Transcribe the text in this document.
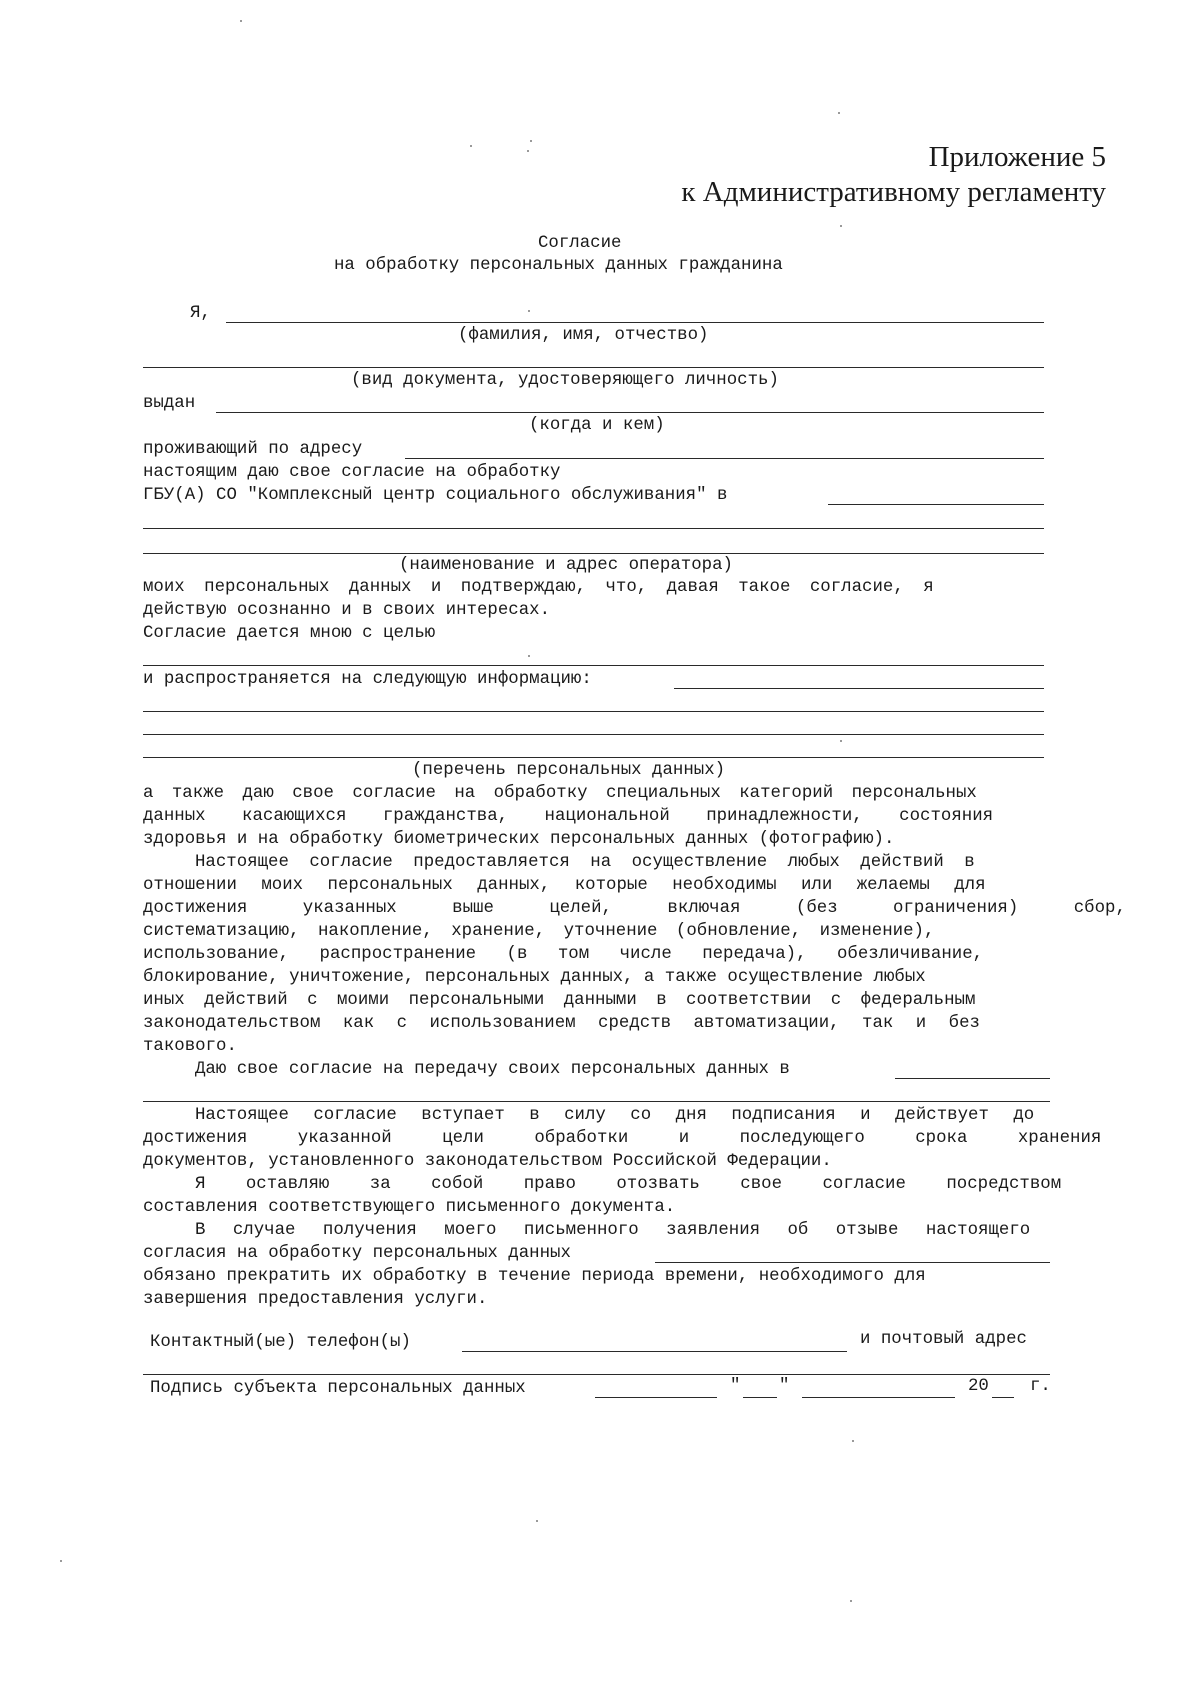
Приложение 5
к Административному регламенту
Согласие
на обработку персональных данных гражданина
Я,
(фамилия, имя, отчество)
(вид документа, удостоверяющего личность)
выдан
(когда и кем)
проживающий по адресу
настоящим даю свое согласие на обработку
ГБУ(А) СО "Комплексный центр социального обслуживания" в
(наименование и адрес оператора)
моих персональных данных и подтверждаю, что, давая такое согласие, я
действую осознанно и в своих интересах.
Согласие дается мною с целью
и распространяется на следующую информацию:
(перечень персональных данных)
а также даю свое согласие на обработку специальных категорий персональных
данных касающихся гражданства, национальной принадлежности, состояния
здоровья и на обработку биометрических персональных данных (фотографию).
Настоящее согласие предоставляется на осуществление любых действий в
отношении моих персональных данных, которые необходимы или желаемы для
достижения указанных выше целей, включая (без ограничения) сбор,
систематизацию, накопление, хранение, уточнение (обновление, изменение),
использование, распространение (в том числе передача), обезличивание,
блокирование, уничтожение, персональных данных, а также осуществление любых
иных действий с моими персональными данными в соответствии с федеральным
законодательством как с использованием средств автоматизации, так и без
такового.
Даю свое согласие на передачу своих персональных данных в
Настоящее согласие вступает в силу со дня подписания и действует до
достижения указанной цели обработки и последующего срока хранения
документов, установленного законодательством Российской Федерации.
Я оставляю за собой право отозвать свое согласие посредством
составления соответствующего письменного документа.
В случае получения моего письменного заявления об отзыве настоящего
согласия на обработку персональных данных
обязано прекратить их обработку в течение периода времени, необходимого для
завершения предоставления услуги.
Контактный(ые) телефон(ы)	и почтовый адрес
Подпись субъекта персональных данных	" "	20 г.
